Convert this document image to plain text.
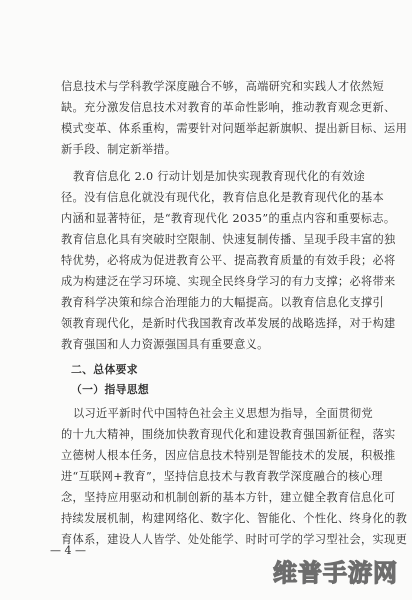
信息技术与学科教学深度融合不够，高端研究和实践人才依然短
缺。充分激发信息技术对教育的革命性影响，推动教育观念更新、
模式变革、体系重构，需要针对问题举起新旗帜、提出新目标、运用
新手段、制定新举措。
教育信息化 2.0 行动计划是加快实现教育现代化的有效途
径。没有信息化就没有现代化，教育信息化是教育现代化的基本
内涵和显著特征，是“教育现代化 2035”的重点内容和重要标志。
教育信息化具有突破时空限制、快速复制传播、呈现手段丰富的独
特优势，必将成为促进教育公平、提高教育质量的有效手段；必将
成为构建泛在学习环境、实现全民终身学习的有力支撑；必将带来
教育科学决策和综合治理能力的大幅提高。以教育信息化支撑引
领教育现代化，是新时代我国教育改革发展的战略选择，对于构建
教育强国和人力资源强国具有重要意义。
二、总体要求
（一）指导思想
以习近平新时代中国特色社会主义思想为指导，全面贯彻党
的十九大精神，围绕加快教育现代化和建设教育强国新征程，落实
立德树人根本任务，因应信息技术特别是智能技术的发展，积极推
进“互联网+教育”，坚持信息技术与教育教学深度融合的核心理
念，坚持应用驱动和机制创新的基本方针，建立健全教育信息化可
持续发展机制，构建网络化、数字化、智能化、个性化、终身化的教
育体系，建设人人皆学、处处能学、时时可学的学习型社会，实现更
— 4 —
维普手游网
